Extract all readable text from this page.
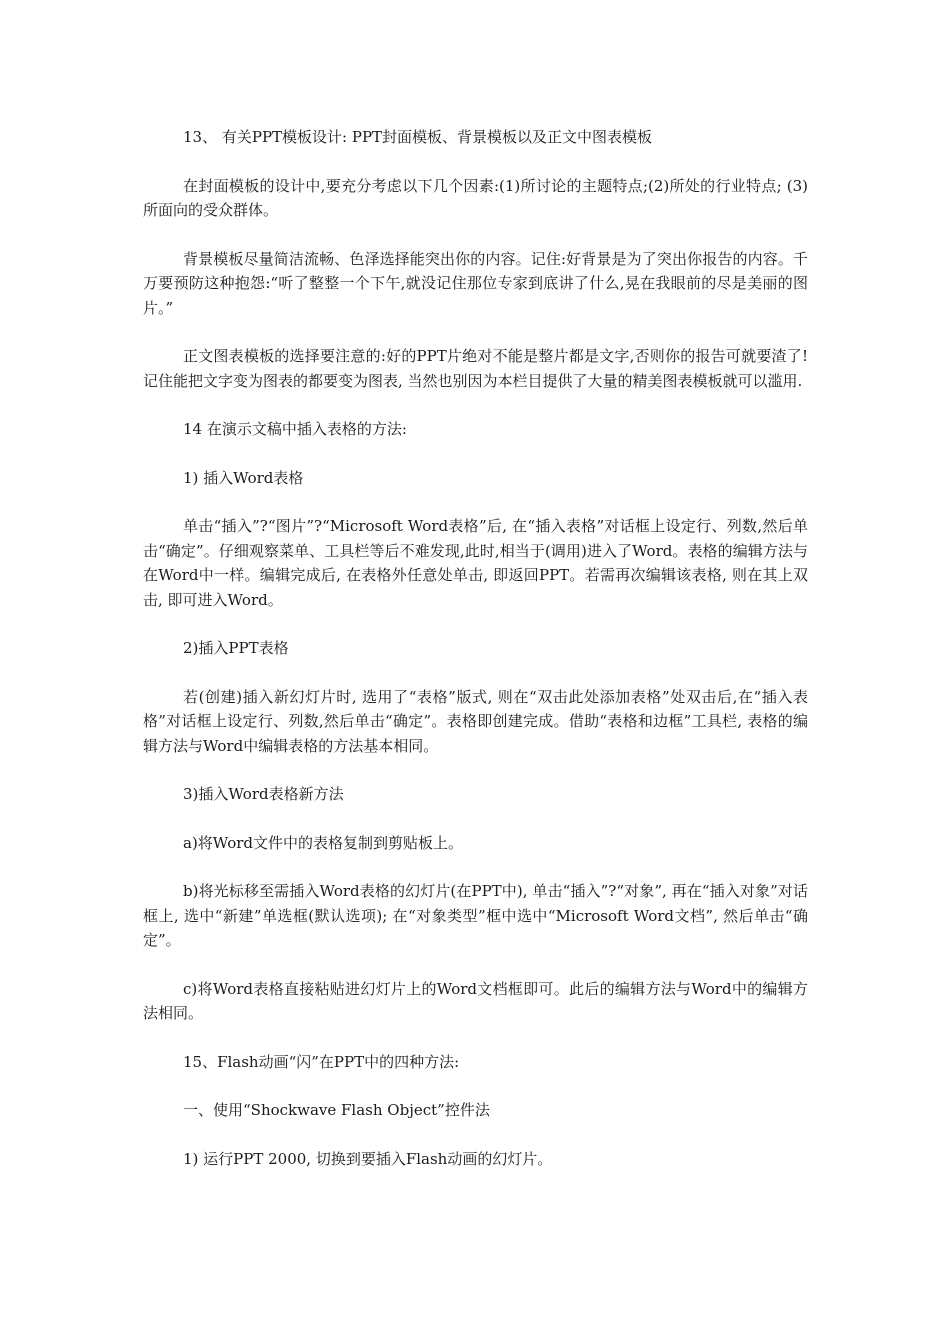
13、 有关PPT模板设计: PPT封面模板、背景模板以及正文中图表模板

在封面模板的设计中,要充分考虑以下几个因素:(1)所讨论的主题特点;(2)所处的行业特点; (3) 所面向的受众群体。

背景模板尽量简洁流畅、色泽选择能突出你的内容。记住:好背景是为了突出你报告的内容。千万要预防这种抱怨:“听了整整一个下午,就没记住那位专家到底讲了什么,晃在我眼前的尽是美丽的图片。”

正文图表模板的选择要注意的:好的PPT片绝对不能是整片都是文字,否则你的报告可就要渣了! 记住能把文字变为图表的都要变为图表, 当然也别因为本栏目提供了大量的精美图表模板就可以滥用.

14 在演示文稿中插入表格的方法:

1) 插入Word表格

单击“插入”?“图片”?“Microsoft Word表格”后, 在“插入表格”对话框上设定行、列数,然后单击“确定”。仔细观察菜单、工具栏等后不难发现,此时,相当于(调用)进入了Word。表格的编辑方法与在Word中一样。编辑完成后, 在表格外任意处单击, 即返回PPT。若需再次编辑该表格, 则在其上双击, 即可进入Word。

2)插入PPT表格

若(创建)插入新幻灯片时, 选用了“表格”版式, 则在“双击此处添加表格”处双击后,在“插入表格”对话框上设定行、列数,然后单击“确定”。表格即创建完成。借助“表格和边框”工具栏, 表格的编辑方法与Word中编辑表格的方法基本相同。

3)插入Word表格新方法

a)将Word文件中的表格复制到剪贴板上。

b)将光标移至需插入Word表格的幻灯片(在PPT中), 单击“插入”?“对象”, 再在“插入对象”对话框上, 选中“新建”单选框(默认选项); 在“对象类型”框中选中“Microsoft Word文档”, 然后单击“确定”。

c)将Word表格直接粘贴进幻灯片上的Word文档框即可。此后的编辑方法与Word中的编辑方法相同。

15、Flash动画“闪”在PPT中的四种方法:

一、使用“Shockwave Flash Object”控件法

1) 运行PPT 2000, 切换到要插入Flash动画的幻灯片。
